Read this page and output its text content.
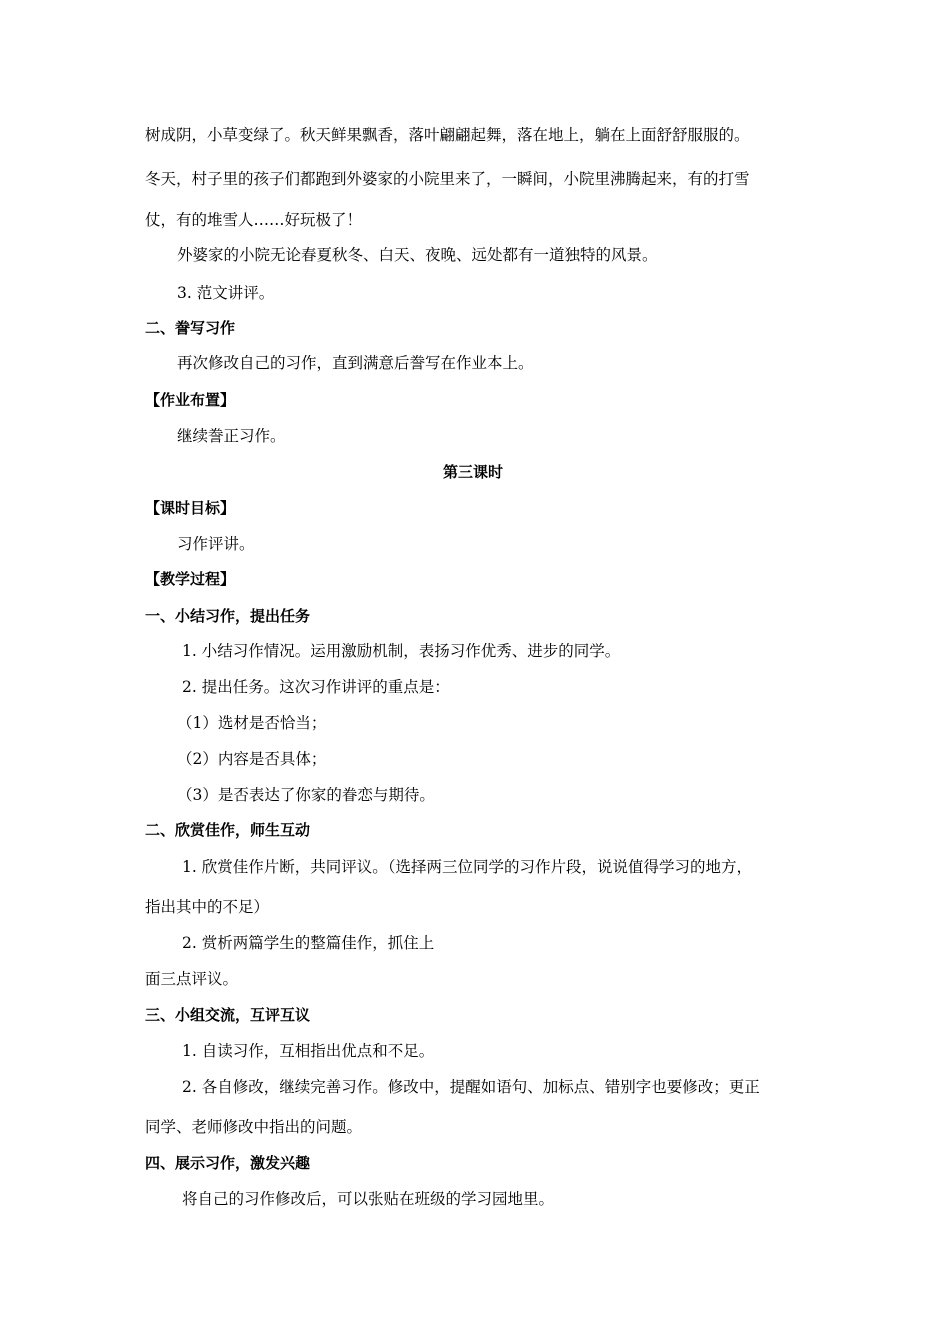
树成阴，小草变绿了。秋天鲜果飘香，落叶翩翩起舞，落在地上，躺在上面舒舒服服的。
冬天，村子里的孩子们都跑到外婆家的小院里来了，一瞬间，小院里沸腾起来，有的打雪
仗，有的堆雪人……好玩极了！
外婆家的小院无论春夏秋冬、白天、夜晚、远处都有一道独特的风景。
3. 范文讲评。
二、誊写习作
再次修改自己的习作，直到满意后誊写在作业本上。
【作业布置】
继续誊正习作。
第三课时
【课时目标】
习作评讲。
【教学过程】
一、小结习作，提出任务
1. 小结习作情况。运用激励机制，表扬习作优秀、进步的同学。
2. 提出任务。这次习作讲评的重点是：
（1）选材是否恰当；
（2）内容是否具体；
（3）是否表达了你家的眷恋与期待。
二、欣赏佳作，师生互动
1. 欣赏佳作片断，共同评议。（选择两三位同学的习作片段，说说值得学习的地方，
指出其中的不足）
2. 赏析两篇学生的整篇佳作，抓住上
面三点评议。
三、小组交流，互评互议
1. 自读习作，互相指出优点和不足。
2. 各自修改，继续完善习作。修改中，提醒如语句、加标点、错别字也要修改；更正
同学、老师修改中指出的问题。
四、展示习作，激发兴趣
将自己的习作修改后，可以张贴在班级的学习园地里。
